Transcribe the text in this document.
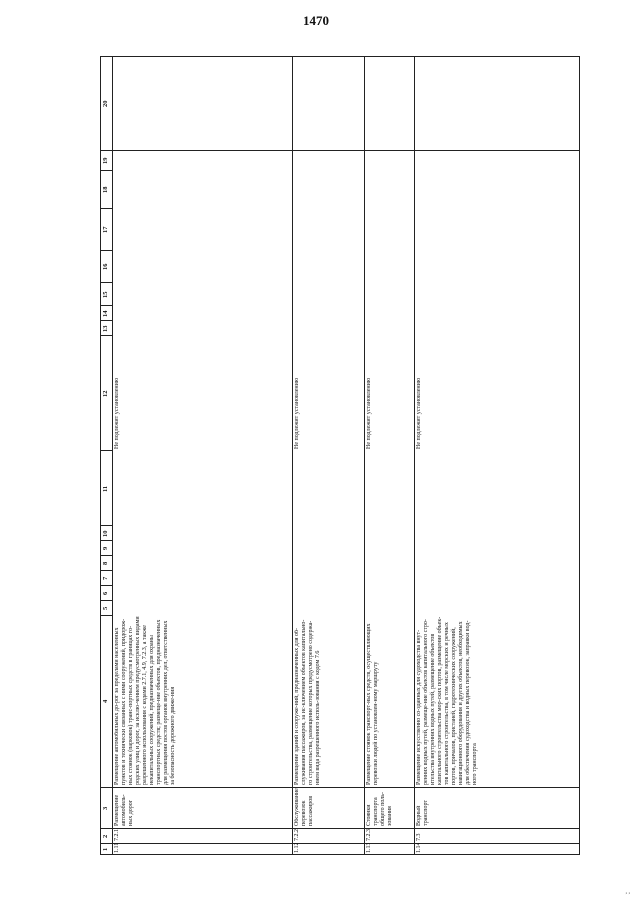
1470
1
2
3
4
5
6
7
8
9
10
11
12
13
14
15
16
17
18
19
20
1.11
7.2.1
Размещение автомобиль-ных дорог
Размещение автомобильных до-рог за пределами населенных пунктов и технически связанных с ними сооружений, придорож-ных стоянок (парковок) транс-портных средств в границах го-родских улиц и дорог, за исклю-чением предусмотренных видами разрешенного использования с кодами 2.7.1, 4.9, 7.2.3, а также некапитальных сооружений, предназначенных для охраны транспортных средств; размеще-ние объектов, предназначенных для размещения постов органов внутренних дел, ответственных за безопасность дорожного движе-ния
Не подлежит установлению
1.12
7.2.2
Обслуживание перевозок пассажиров
Размещение зданий и сооруже-ний, предназначенных для об-служивания пассажиров, за ис-ключением объектов капитально-го строительства, размещение которых предусмотрено содержа-нием вида разрешенного исполь-зования с кодом 7.6
Не подлежит установлению
1.13
7.2.3
Стоянки транспорта общего поль-зования
Размещение стоянок транспорт-ных средств, осуществляющих перевозки людей по установлен-ному маршруту
Не подлежит установлению
1.14
7.3
Водный транспорт
Размещение искусственно со-зданных для судоходства внут-ренних водных путей, размеще-ние объектов капитального стро-ительства внутренних водных путей, размещение объектов капитального строительства мор-ских портов, размещение объек-тов капитального строительства, в том числе морских и речных портов, причалов, пристаней, гидротехнических сооружений, навигационного оборудования и других объектов, необходимых для обеспечения судоходства и водных перевозок, заправки вод-ного транспорта
Не подлежит установлению
, ,
